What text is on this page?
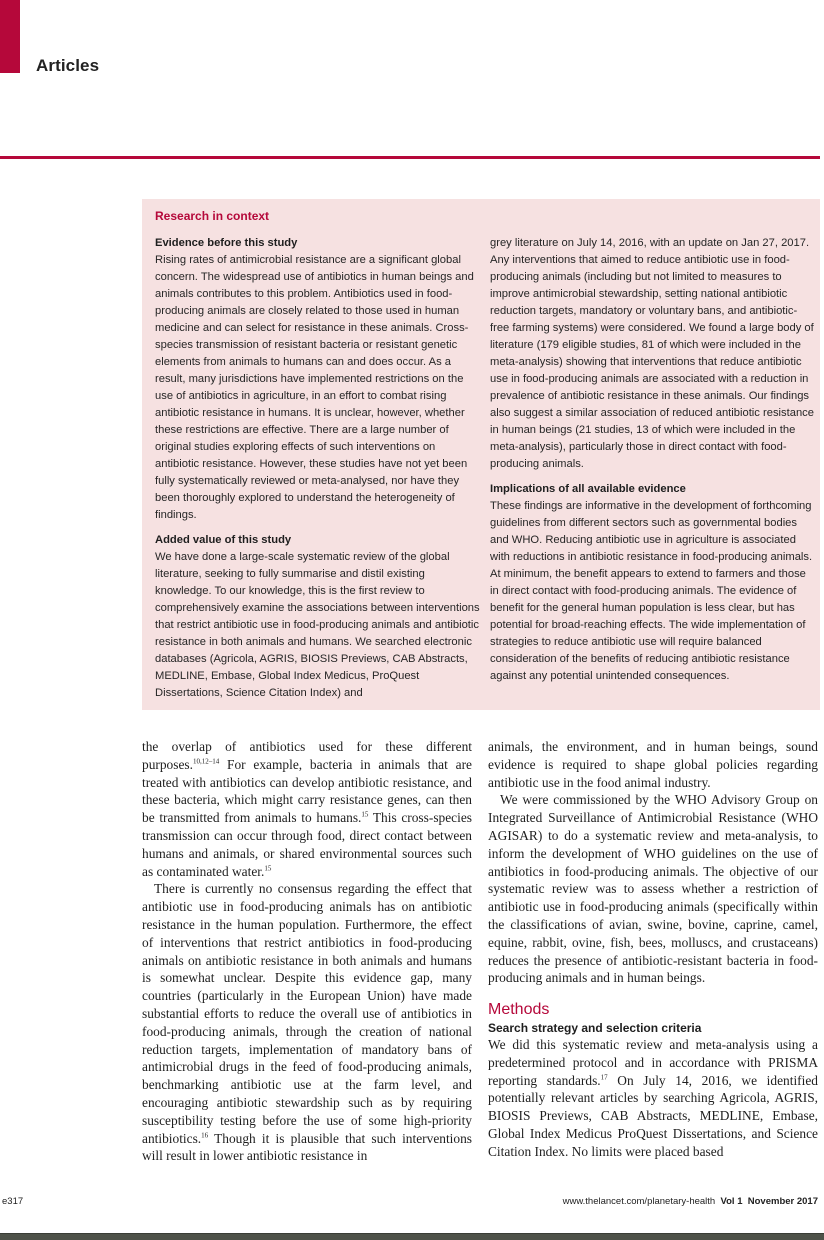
Articles
Research in context
Evidence before this study

Rising rates of antimicrobial resistance are a significant global concern. The widespread use of antibiotics in human beings and animals contributes to this problem. Antibiotics used in food-producing animals are closely related to those used in human medicine and can select for resistance in these animals. Cross-species transmission of resistant bacteria or resistant genetic elements from animals to humans can and does occur. As a result, many jurisdictions have implemented restrictions on the use of antibiotics in agriculture, in an effort to combat rising antibiotic resistance in humans. It is unclear, however, whether these restrictions are effective. There are a large number of original studies exploring effects of such interventions on antibiotic resistance. However, these studies have not yet been fully systematically reviewed or meta-analysed, nor have they been thoroughly explored to understand the heterogeneity of findings.

Added value of this study

We have done a large-scale systematic review of the global literature, seeking to fully summarise and distil existing knowledge. To our knowledge, this is the first review to comprehensively examine the associations between interventions that restrict antibiotic use in food-producing animals and antibiotic resistance in both animals and humans. We searched electronic databases (Agricola, AGRIS, BIOSIS Previews, CAB Abstracts, MEDLINE, Embase, Global Index Medicus, ProQuest Dissertations, Science Citation Index) and

grey literature on July 14, 2016, with an update on Jan 27, 2017. Any interventions that aimed to reduce antibiotic use in food-producing animals (including but not limited to measures to improve antimicrobial stewardship, setting national antibiotic reduction targets, mandatory or voluntary bans, and antibiotic-free farming systems) were considered. We found a large body of literature (179 eligible studies, 81 of which were included in the meta-analysis) showing that interventions that reduce antibiotic use in food-producing animals are associated with a reduction in prevalence of antibiotic resistance in these animals. Our findings also suggest a similar association of reduced antibiotic resistance in human beings (21 studies, 13 of which were included in the meta-analysis), particularly those in direct contact with food-producing animals.

Implications of all available evidence

These findings are informative in the development of forthcoming guidelines from different sectors such as governmental bodies and WHO. Reducing antibiotic use in agriculture is associated with reductions in antibiotic resistance in food-producing animals. At minimum, the benefit appears to extend to farmers and those in direct contact with food-producing animals. The evidence of benefit for the general human population is less clear, but has potential for broad-reaching effects. The wide implementation of strategies to reduce antibiotic use will require balanced consideration of the benefits of reducing antibiotic resistance against any potential unintended consequences.

the overlap of antibiotics used for these different purposes.$^{10,12-14}$ For example, bacteria in animals that are treated with antibiotics can develop antibiotic resistance, and these bacteria, which might carry resistance genes, can then be transmitted from animals to humans.$^{15}$ This cross-species transmission can occur through food, direct contact between humans and animals, or shared environmental sources such as contaminated water.$^{15}$

There is currently no consensus regarding the effect that antibiotic use in food-producing animals has on antibiotic resistance in the human population. Furthermore, the effect of interventions that restrict antibiotics in food-producing animals on antibiotic resistance in both animals and humans is somewhat unclear. Despite this evidence gap, many countries (particularly in the European Union) have made substantial efforts to reduce the overall use of antibiotics in food-producing animals, through the creation of national reduction targets, implementation of mandatory bans of antimicrobial drugs in the feed of food-producing animals, benchmarking antibiotic use at the farm level, and encouraging antibiotic stewardship such as by requiring susceptibility testing before the use of some high-priority antibiotics.$^{16}$ Though it is plausible that such interventions will result in lower antibiotic resistance in

animals, the environment, and in human beings, sound evidence is required to shape global policies regarding antibiotic use in the food animal industry.

We were commissioned by the WHO Advisory Group on Integrated Surveillance of Antimicrobial Resistance (WHO AGISAR) to do a systematic review and meta-analysis, to inform the development of WHO guidelines on the use of antibiotics in food-producing animals. The objective of our systematic review was to assess whether a restriction of antibiotic use in food-producing animals (specifically within the classifications of avian, swine, bovine, caprine, camel, equine, rabbit, ovine, fish, bees, molluscs, and crustaceans) reduces the presence of antibiotic-resistant bacteria in food-producing animals and in human beings.

Methods
Search strategy and selection criteria

We did this systematic review and meta-analysis using a predetermined protocol and in accordance with PRISMA reporting standards.$^{17}$ On July 14, 2016, we identified potentially relevant articles by searching Agricola, AGRIS, BIOSIS Previews, CAB Abstracts, MEDLINE, Embase, Global Index Medicus ProQuest Dissertations, and Science Citation Index. No limits were placed based

e317	www.thelancet.com/planetary-health Vol 1 November 2017
